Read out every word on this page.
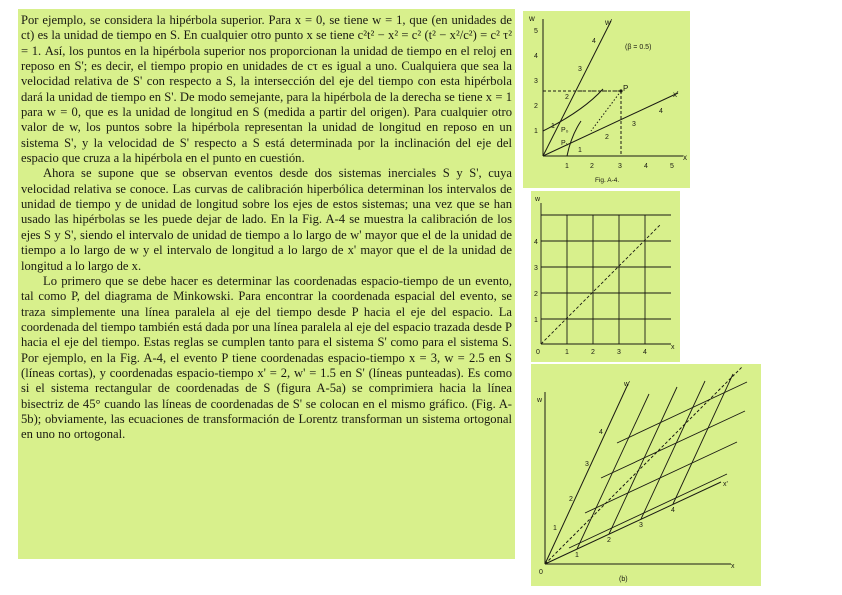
Por ejemplo, se considera la hipérbola superior. Para x = 0, se tiene w = 1, que (en unidades de ct) es la unidad de tiempo en S. En cualquier otro punto x se tiene c²t² − x² = c² (t² − x²/c²) = c² τ² = 1. Así, los puntos en la hipérbola superior nos proporcionan la unidad de tiempo en el reloj en reposo en S'; es decir, el tiempo propio en unidades de cτ es igual a uno. Cualquiera que sea la velocidad relativa de S' con respecto a S, la intersección del eje del tiempo con esta hipérbola dará la unidad de tiempo en S'. De modo semejante, para la hipérbola de la derecha se tiene x = 1 para w = 0, que es la unidad de longitud en S (medida a partir del origen). Para cualquier otro valor de w, los puntos sobre la hipérbola representan la unidad de longitud en reposo en un sistema S', y la velocidad de S' respecto a S está determinada por la inclinación del eje del espacio que cruza a la hipérbola en el punto en cuestión.

Ahora se supone que se observan eventos desde dos sistemas inerciales S y S', cuya velocidad relativa se conoce. Las curvas de calibración hiperbólica determinan los intervalos de unidad de tiempo y de unidad de longitud sobre los ejes de estos sistemas; una vez que se han usado las hipérbolas se les puede dejar de lado. En la Fig. A-4 se muestra la calibración de los ejes S y S', siendo el intervalo de unidad de tiempo a lo largo de w' mayor que el de la unidad de tiempo a lo largo de w y el intervalo de longitud a lo largo de x' mayor que el de la unidad de longitud a lo largo de x.

Lo primero que se debe hacer es determinar las coordenadas espacio-tiempo de un evento, tal como P, del diagrama de Minkowski. Para encontrar la coordenada espacial del evento, se traza simplemente una línea paralela al eje del tiempo desde P hacia el eje del espacio. La coordenada del tiempo también está dada por una línea paralela al eje del espacio trazada desde P hacia el eje del tiempo. Estas reglas se cumplen tanto para el sistema S' como para el sistema S. Por ejemplo, en la Fig. A-4, el evento P tiene coordenadas espacio-tiempo x = 3, w = 2.5 en S (líneas cortas), y coordenadas espacio-tiempo x' = 2, w' = 1.5 en S' (líneas punteadas). Es como si el sistema rectangular de coordenadas de S (figura A-5a) se comprimiera hacia la línea bisectriz de 45° cuando las líneas de coordenadas de S' se colocan en el mismo gráfico. (Fig. A-5b); obviamente, las ecuaciones de transformación de Lorentz transforman un sistema ortogonal en uno no ortogonal.

w
x
w'
x'
(β = 0.5)
P
P₁
P₀
1
2
3
4
5
1	2	3	4	5
1
2
3
4
1
2
3
4
Fig. A-4.
w
x
0
1
2
3
4
1	2	3	4
w
x
w'
x'
0
1
2
3
4
1
2
3
4
(b)
